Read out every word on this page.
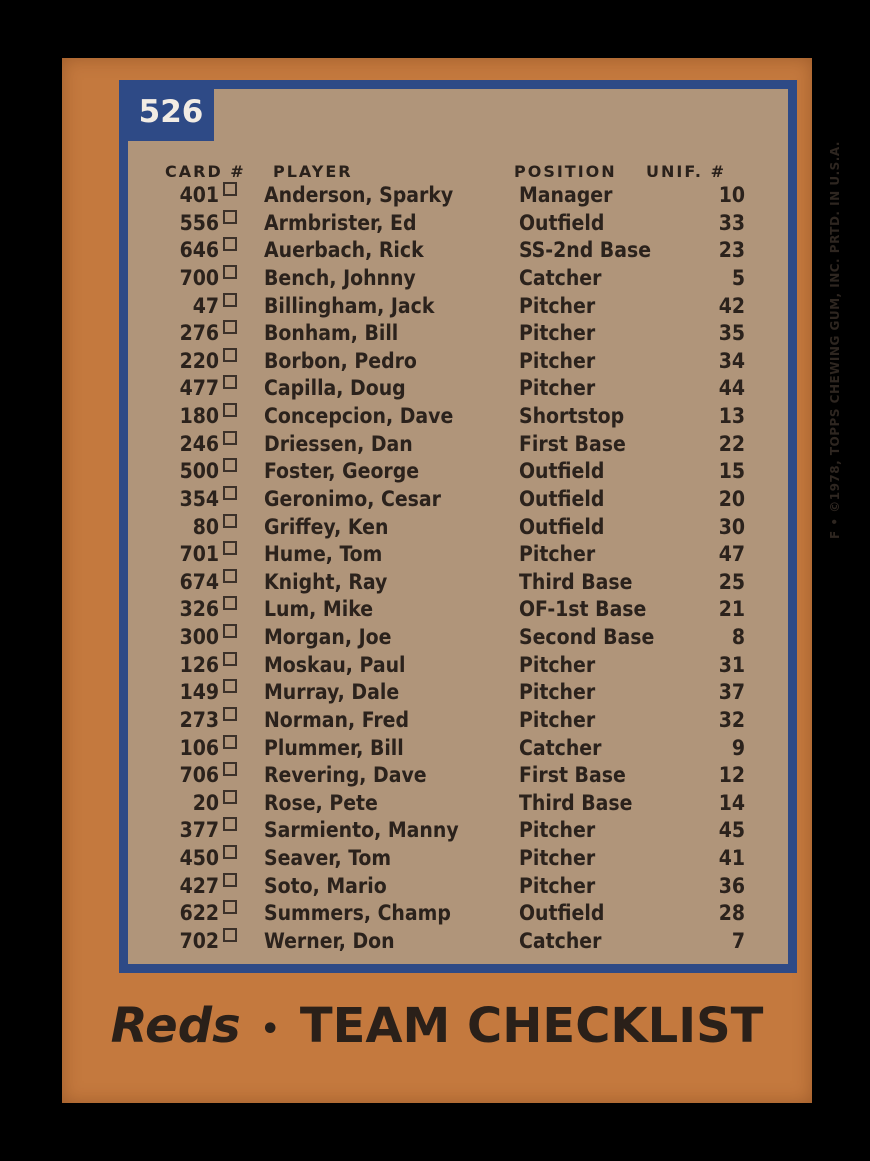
526
CARD # PLAYER	POSITION UNIF. #
401 Anderson, Sparky	Manager	10
556 Armbrister, Ed	Outfield	33
646 Auerbach, Rick	SS-2nd Base	23
700 Bench, Johnny	Catcher	5
47 Billingham, Jack	Pitcher	42
276 Bonham, Bill	Pitcher	35
220 Borbon, Pedro	Pitcher	34
477 Capilla, Doug	Pitcher	44
180 Concepcion, Dave	Shortstop	13
246 Driessen, Dan	First Base	22
500 Foster, George	Outfield	15
354 Geronimo, Cesar	Outfield	20
80 Griffey, Ken	Outfield	30
701 Hume, Tom	Pitcher	47
674 Knight, Ray	Third Base	25
326 Lum, Mike	OF-1st Base	21
300 Morgan, Joe	Second Base	8
126 Moskau, Paul	Pitcher	31
149 Murray, Dale	Pitcher	37
273 Norman, Fred	Pitcher	32
106 Plummer, Bill	Catcher	9
706 Revering, Dave	First Base	12
20 Rose, Pete	Third Base	14
377 Sarmiento, Manny	Pitcher	45
450 Seaver, Tom	Pitcher	41
427 Soto, Mario	Pitcher	36
622 Summers, Champ	Outfield	28
702 Werner, Don	Catcher	7
F • ©1978, TOPPS CHEWING GUM, INC. PRTD. IN U.S.A.
Reds • TEAM CHECKLIST
